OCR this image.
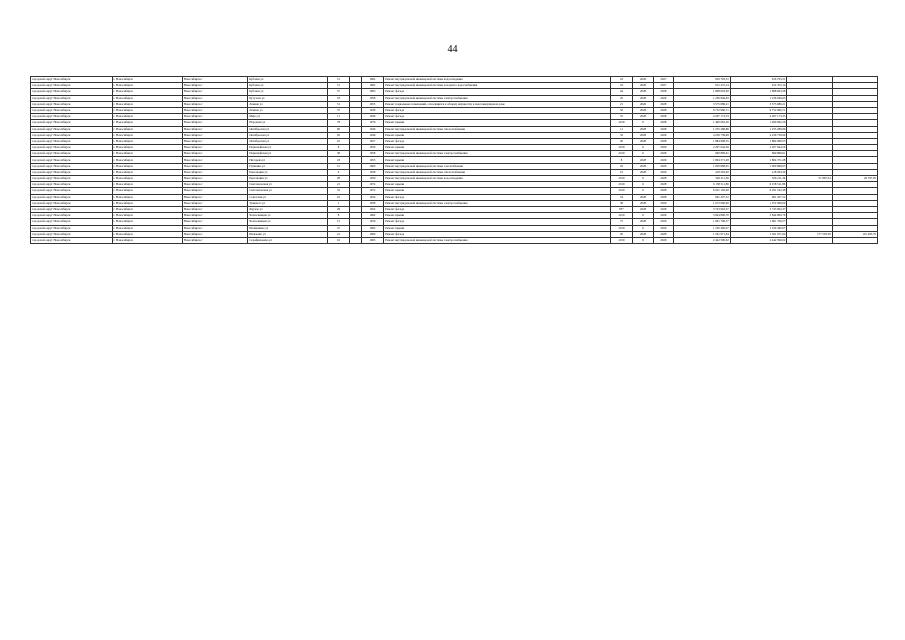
44
городской округ Новосибирск	г. Новосибирск	Новосибирск г	Кубовая ул	51		1962	Ремонт внутридомовой инженерной системы водоотведения	43	2026	2027	816 793,51	816 793,51		
городской округ Новосибирск	г. Новосибирск	Новосибирск г	Кубовая ул	51		1962	Ремонт внутридомовой инженерной системы холодного водоснабжения	43	2026	2027	912 472,14	912 472,14		
городской округ Новосибирск	г. Новосибирск	Новосибирск г	Кубовая ул	57		1963	Ремонт фасада	44	2028	2028	1 898 603,28	1 898 603,28		
городской округ Новосибирск	г. Новосибирск	Новосибирск г	Кутузова ул	18		1958	Ремонт внутридомовой инженерной системы электроснабжения	45	2028	2029	1 236 946,63	1 236 946,63		
городской округ Новосибирск	г. Новосибирск	Новосибирск г	Ленина ул	51		1955	Ремонт подвальных помещений, относящихся к общему имуществу в многоквартирном доме	21	2026	2028	3 575 686,21	3 575 686,21		
городской округ Новосибирск	г. Новосибирск	Новосибирск г	Ленина ул	37		1939	Ремонт фасада	50	2028	2028	6 752 960,71	6 752 960,71		
городской округ Новосибирск	г. Новосибирск	Новосибирск г	Мира ул	11		1949	Ремонт фасада	55	2028	2028	4 267 173,33	4 267 173,33		
городской округ Новосибирск	г. Новосибирск	Новосибирск г	Народная ул	78		1976	Ремонт крыши	2019	6	2028	1 490 062,26	1 490 062,26		
городской округ Новосибирск	г. Новосибирск	Новосибирск г	Октябрьская ул	90		1946	Ремонт внутридомовой инженерной системы теплоснабжения	11	2028	2028	1 255 286,86	1 255 286,86		
городской округ Новосибирск	г. Новосибирск	Новосибирск г	Октябрьская ул	92		1946	Ремонт крыши	32	2028	2029	4 239 739,99	4 239 739,99		
городской округ Новосибирск	г. Новосибирск	Новосибирск г	Октябрьская ул	10		1957	Ремонт фасада	20	2028	2028	1 884 998,55	1 884 998,55		
городской округ Новосибирск	г. Новосибирск	Новосибирск г	Первомайская ул	8		1959	Ремонт крыши	2019	6	2029	2 207 644,56	2 207 644,56		
городской округ Новосибирск	г. Новосибирск	Новосибирск г	Первомайская ул	36		1958	Ремонт внутридомовой инженерной системы электроснабжения	2019	6	2028	690 869,61	690 869,61		
городской округ Новосибирск	г. Новосибирск	Новосибирск г	Писарева ул	18		1955	Ремонт крыши	8	2028	2029	1 804 371,28	1 804 371,28		
городской округ Новосибирск	г. Новосибирск	Новосибирск г	Пушкина ул	15		1960	Ремонт внутридомовой инженерной системы газоснабжения	43	2028	2029	1 000 868,05	1 000 868,05		
городской округ Новосибирск	г. Новосибирск	Новосибирск г	Революции ул	6		1958	Ремонт внутридомовой инженерной системы теплоснабжения	61	2028	2029	418 263,20	418 263,20		
городской округ Новосибирск	г. Новосибирск	Новосибирск г	Революции ул	28		1959	Ремонт внутридомовой инженерной системы водоотведения	2019	6	2028	326 211,36	326 211,36	51 897,54	26 797,95
городской округ Новосибирск	г. Новосибирск	Новосибирск г	Светлановская ул	21		1974	Ремонт крыши	2019	6	2028	6 158 511,86	6 158 511,86		
городской округ Новосибирск	г. Новосибирск	Новосибирск г	Светлановская ул	32		1972	Ремонт крыши	2019	6	2028	6 291 192,48	6 291 192,48		
городской округ Новосибирск	г. Новосибирск	Новосибирск г	Советская ул	16		1954	Ремонт фасада	54	2028	2028	961 207,52	961 207,52		
городской округ Новосибирск	г. Новосибирск	Новосибирск г	Урицкого ул	1		1958	Ремонт внутридомовой инженерной системы электроснабжения	36	2028	2029	1 072 060,00	1 072 060,00		
городской округ Новосибирск	г. Новосибирск	Новосибирск г	Фрунзе ул	28		1954	Ремонт фасада	85*	2028	2028	3 743 992,37	3 743 992,37		
городской округ Новосибирск	г. Новосибирск	Новосибирск г	Челюскинцев ул	8		1962	Ремонт крыши	2019	6	2029	3 844 800,70	3 844 800,70		
городской округ Новосибирск	г. Новосибирск	Новосибирск г	Челюскинцев ул	15		1956	Ремонт фасада	75	2028	2029	1 661 706,57	1 661 706,57		
городской округ Новосибирск	г. Новосибирск	Новосибирск г	Шамшиных ул	47		1962	Ремонт крыши	2019	6	2029	1 230 460,07	1 230 460,07		
городской округ Новосибирск	г. Новосибирск	Новосибирск г	Шевченко ул	21		1960	Ремонт фасада	20	2028	2028	1 561 971,64	1 561 971,64	177 503,58	191 483,70
городской округ Новосибирск	г. Новосибирск	Новосибирск г	Серафимовича ул	16		1963	Ремонт внутридомовой инженерной системы электроснабжения	2019	6	2029	2 442 590,02	2 442 590,02		
